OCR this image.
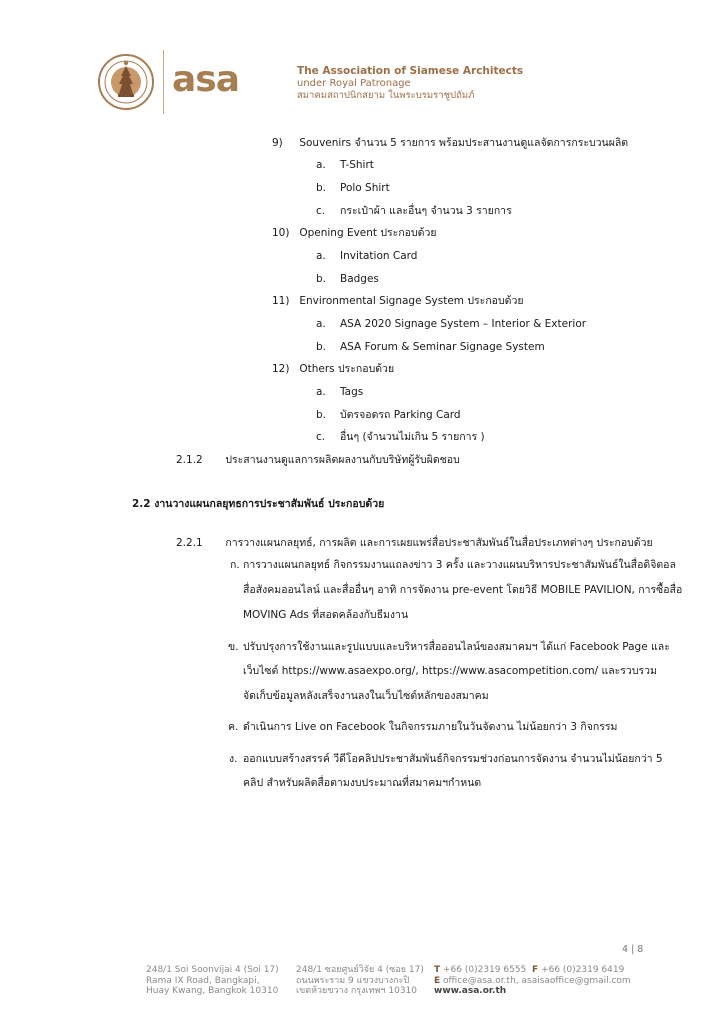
asa	The Association of Siamese Architects
under Royal Patronage
สมาคมสถาปนิกสยาม ในพระบรมราชูปถัมภ์
9) Souvenirs จำนวน 5 รายการ พร้อมประสานงานดูแลจัดการกระบวนผลิต
a. T-Shirt
b. Polo Shirt
c. กระเป๋าผ้า และอื่นๆ จำนวน 3 รายการ
10) Opening Event ประกอบด้วย
a. Invitation Card
b. Badges
11) Environmental Signage System ประกอบด้วย
a. ASA 2020 Signage System – Interior & Exterior
b. ASA Forum & Seminar Signage System
12) Others ประกอบด้วย
a. Tags
b. บัตรจอดรถ Parking Card
c. อื่นๆ (จำนวนไม่เกิน 5 รายการ )
2.1.2 ประสานงานดูแลการผลิตผลงานกับบริษัทผู้รับผิดชอบ
2.2 งานวางแผนกลยุทธการประชาสัมพันธ์ ประกอบด้วย
2.2.1 การวางแผนกลยุทธ์, การผลิต และการเผยแพร่สื่อประชาสัมพันธ์ในสื่อประเภทต่างๆ ประกอบด้วย
ก. การวางแผนกลยุทธ์ กิจกรรมงานแถลงข่าว 3 ครั้ง และวางแผนบริหารประชาสัมพันธ์ในสื่อดิจิตอล
สื่อสังคมออนไลน์ และสื่ออื่นๆ อาทิ การจัดงาน pre-event โดยวิธี MOBILE PAVILION, การซื้อสื่อ
MOVING Ads ที่สอดคล้องกับธีมงาน
ข. ปรับปรุงการใช้งานและรูปแบบและบริหารสื่อออนไลน์ของสมาคมฯ ได้แก่ Facebook Page และ
เว็บไซต์ https://www.asaexpo.org/, https://www.asacompetition.com/ และรวบรวม
จัดเก็บข้อมูลหลังเสร็จงานลงในเว็บไซต์หลักของสมาคม
ค. ดำเนินการ Live on Facebook ในกิจกรรมภายในวันจัดงาน ไม่น้อยกว่า 3 กิจกรรม
ง. ออกแบบสร้างสรรค์ วีดีโอคลิปประชาสัมพันธ์กิจกรรมช่วงก่อนการจัดงาน จำนวนไม่น้อยกว่า 5
คลิป สำหรับผลิตสื่อตามงบประมาณที่สมาคมฯกำหนด
4 | 8
248/1 Soi Soonvijai 4 (Soi 17)
Rama IX Road, Bangkapi,
Huay Kwang, Bangkok 10310
248/1 ซอยศูนย์วิจัย 4 (ซอย 17)
ถนนพระราม 9 แขวงบางกะปิ
เขตห้วยขวาง กรุงเทพฯ 10310
T +66 (0)2319 6555 F +66 (0)2319 6419
E office@asa.or.th, asaisaoffice@gmail.com
www.asa.or.th
